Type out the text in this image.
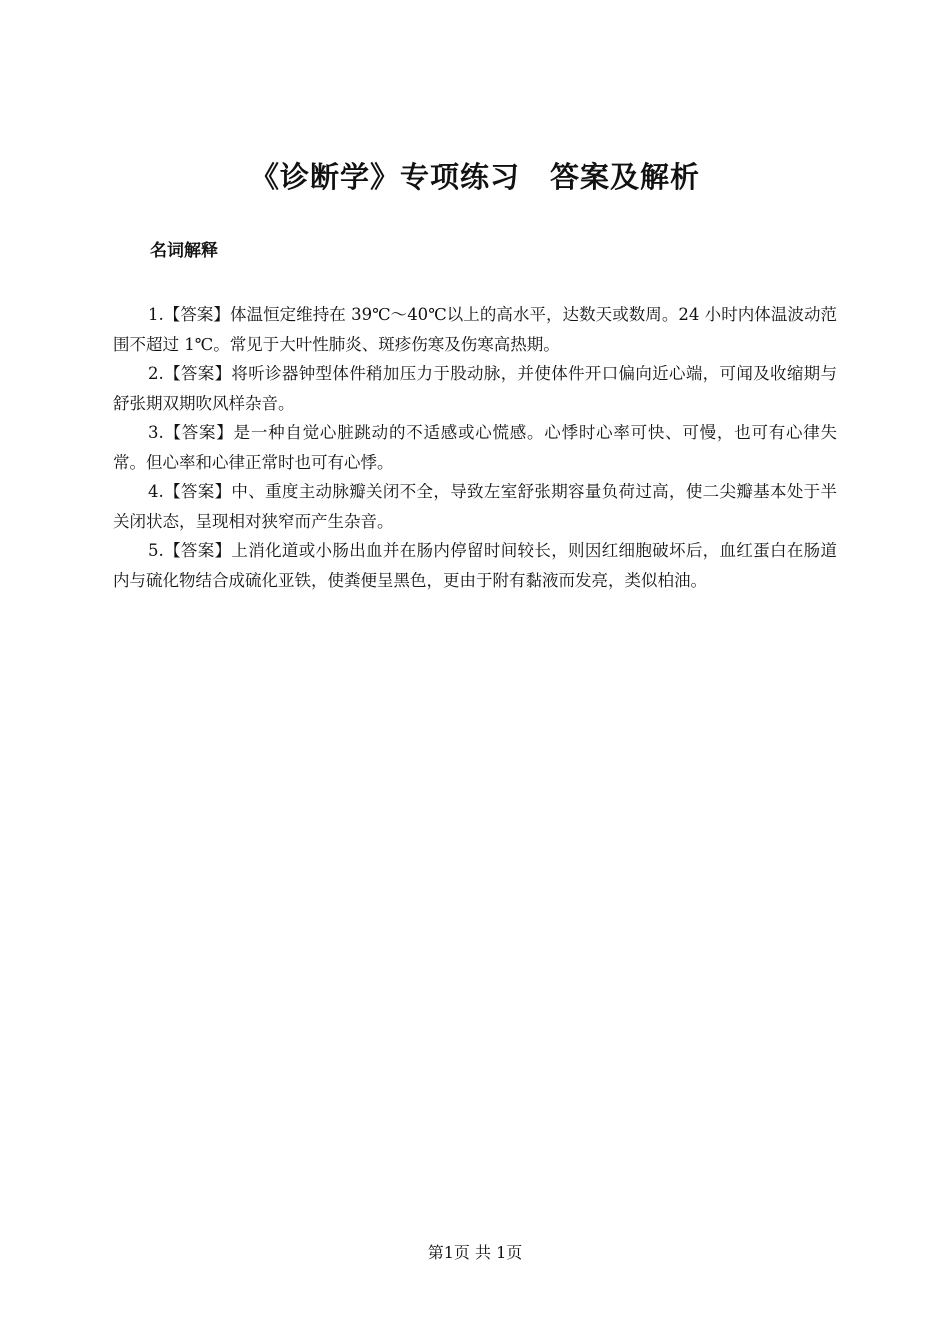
《诊断学》专项练习　答案及解析
名词解释

1.【答案】体温恒定维持在 39℃～40℃以上的高水平，达数天或数周。24 小时内体温波动范围不超过 1℃。常见于大叶性肺炎、斑疹伤寒及伤寒高热期。

2.【答案】将听诊器钟型体件稍加压力于股动脉，并使体件开口偏向近心端，可闻及收缩期与舒张期双期吹风样杂音。

3.【答案】是一种自觉心脏跳动的不适感或心慌感。心悸时心率可快、可慢，也可有心律失常。但心率和心律正常时也可有心悸。

4.【答案】中、重度主动脉瓣关闭不全，导致左室舒张期容量负荷过高，使二尖瓣基本处于半关闭状态，呈现相对狭窄而产生杂音。

5.【答案】上消化道或小肠出血并在肠内停留时间较长，则因红细胞破坏后，血红蛋白在肠道内与硫化物结合成硫化亚铁，使粪便呈黑色，更由于附有黏液而发亮，类似柏油。

第1页 共 1页
